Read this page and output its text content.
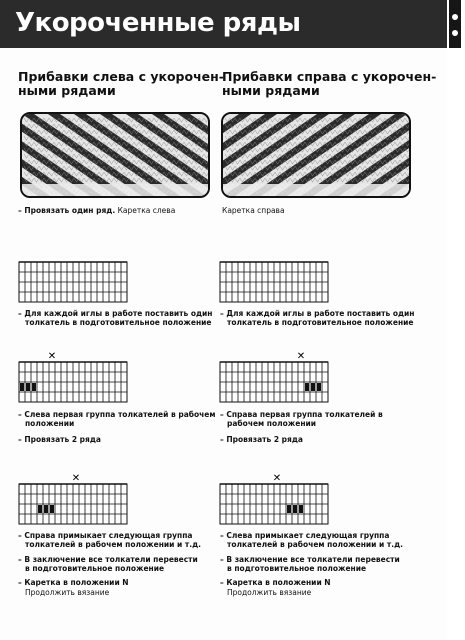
Укороченные ряды
Прибавки слева с укорочен-
ными рядами
Прибавки справа с укорочен-
ными рядами
– Провязать один ряд. Каретка слева	Каретка справа
– Для каждой иглы в работе поставить один
толкатель в подготовительное положение
– Для каждой иглы в работе поставить один
толкатель в подготовительное положение
✕	✕
– Слева первая группа толкателей в рабочем
положении
– Справа первая группа толкателей в
рабочем положении
– Провязать 2 ряда	– Провязать 2 ряда
✕	✕
– Справа примыкает следующая группа
толкателей в рабочем положении и т.д.
– Слева примыкает следующая группа
толкателей в рабочем положении и т.д.
– В заключение все толкатели перевести
в подготовительное положение
– В заключение все толкатели перевести
в подготовительное положение
– Каретка в положении N	– Каретка в положении N
Продолжить вязание	Продолжить вязание
